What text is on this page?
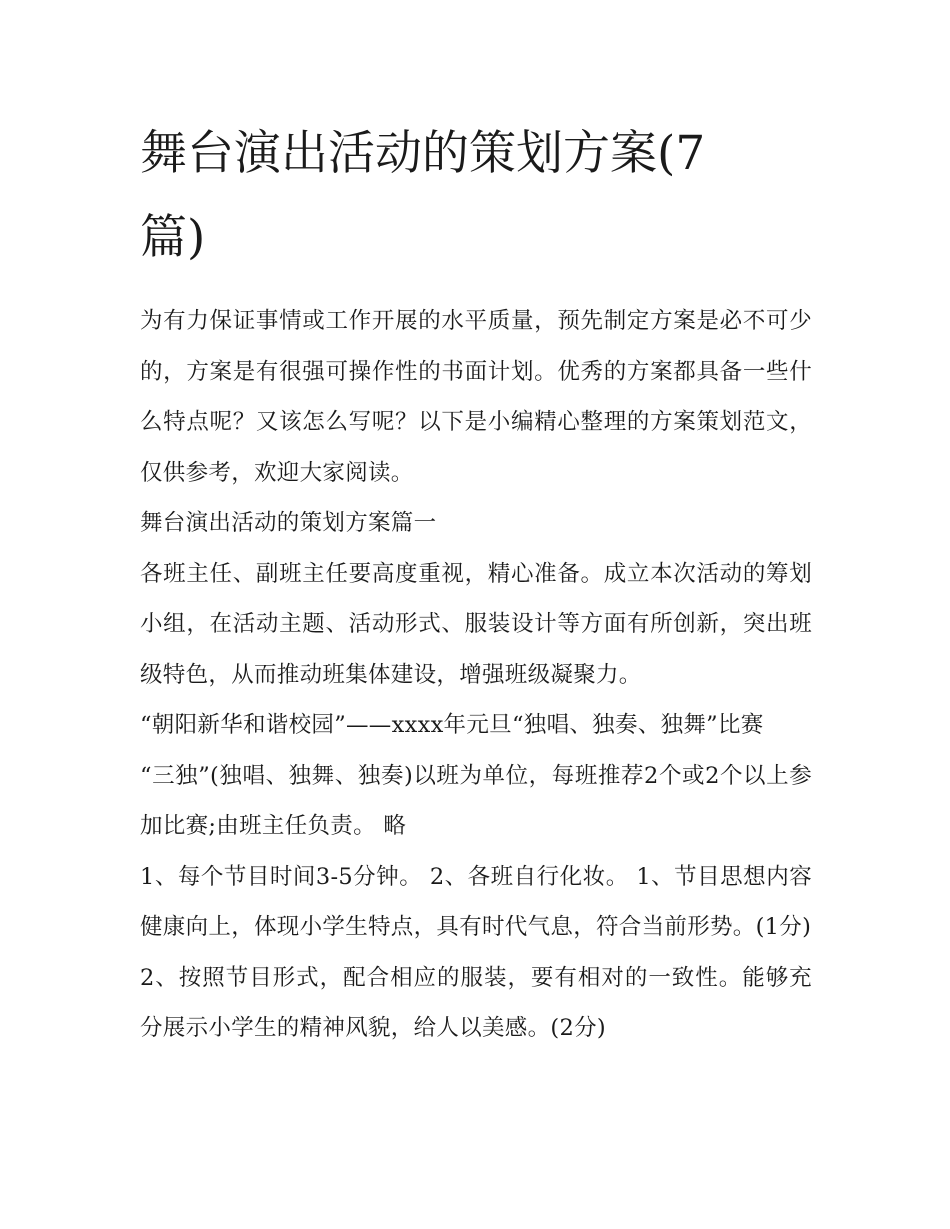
舞台演出活动的策划方案(7篇)

为有力保证事情或工作开展的水平质量，预先制定方案是必不可少的，方案是有很强可操作性的书面计划。优秀的方案都具备一些什么特点呢？又该怎么写呢？以下是小编精心整理的方案策划范文，仅供参考，欢迎大家阅读。

舞台演出活动的策划方案篇一

各班主任、副班主任要高度重视，精心准备。成立本次活动的筹划小组，在活动主题、活动形式、服装设计等方面有所创新，突出班级特色，从而推动班集体建设，增强班级凝聚力。

“朝阳新华和谐校园”——xxxx年元旦“独唱、独奏、独舞”比赛

“三独”(独唱、独舞、独奏)以班为单位，每班推荐2个或2个以上参加比赛;由班主任负责。 略

1、每个节目时间3-5分钟。 2、各班自行化妆。 1、节目思想内容健康向上，体现小学生特点，具有时代气息，符合当前形势。(1分)

2、按照节目形式，配合相应的服装，要有相对的一致性。能够充分展示小学生的精神风貌，给人以美感。(2分)
